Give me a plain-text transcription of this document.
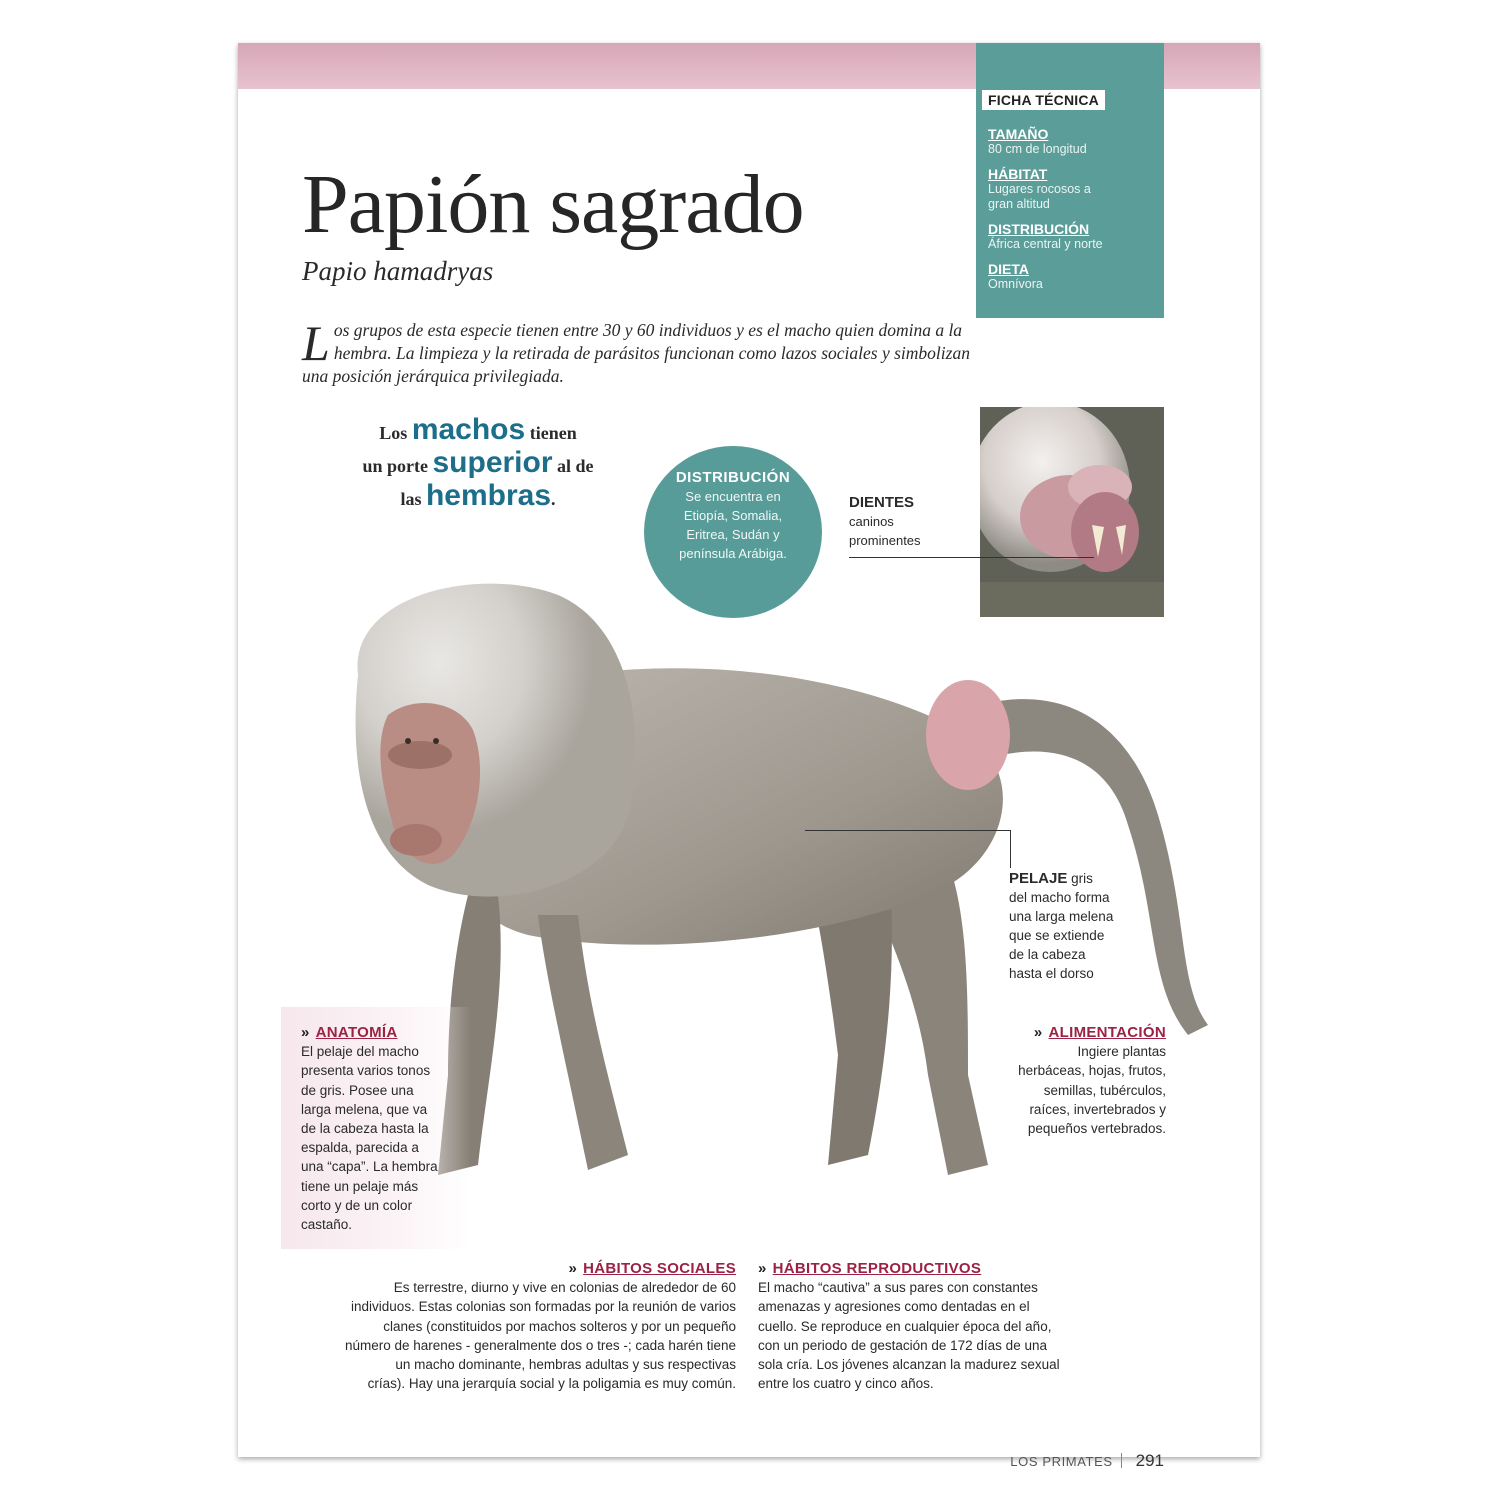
FICHA TÉCNICA
TAMAÑO
80 cm de longitud
HÁBITAT
Lugares rocosos a gran altitud
DISTRIBUCIÓN
África central y norte
DIETA
Omnívora
Papión sagrado
Papio hamadryas
L os grupos de esta especie tienen entre 30 y 60 individuos y es el macho quien domina a la hembra. La limpieza y la retirada de parásitos funcionan como lazos sociales y simbolizan una posición jerárquica privilegiada.
Los machos tienen
un porte superior al de
las hembras.
DISTRIBUCIÓN
Se encuentra en
Etiopía, Somalia,
Eritrea, Sudán y
península Arábiga.
DIENTES
caninos
prominentes
PELAJE gris
del macho forma
una larga melena
que se extiende
de la cabeza
hasta el dorso
» ANATOMÍA
El pelaje del macho
presenta varios tonos
de gris. Posee una
larga melena, que va
de la cabeza hasta la
espalda, parecida a
una “capa”. La hembra
tiene un pelaje más
corto y de un color
castaño.
» ALIMENTACIÓN
Ingiere plantas
herbáceas, hojas, frutos,
semillas, tubérculos,
raíces, invertebrados y
pequeños vertebrados.
» HÁBITOS SOCIALES
Es terrestre, diurno y vive en colonias de alrededor de 60
individuos. Estas colonias son formadas por la reunión de varios
clanes (constituidos por machos solteros y por un pequeño
número de harenes - generalmente dos o tres -; cada harén tiene
un macho dominante, hembras adultas y sus respectivas
crías). Hay una jerarquía social y la poligamia es muy común.
» HÁBITOS REPRODUCTIVOS
El macho “cautiva” a sus pares con constantes
amenazas y agresiones como dentadas en el
cuello. Se reproduce en cualquier época del año,
con un periodo de gestación de 172 días de una
sola cría. Los jóvenes alcanzan la madurez sexual
entre los cuatro y cinco años.
LOS PRIMATES 291
